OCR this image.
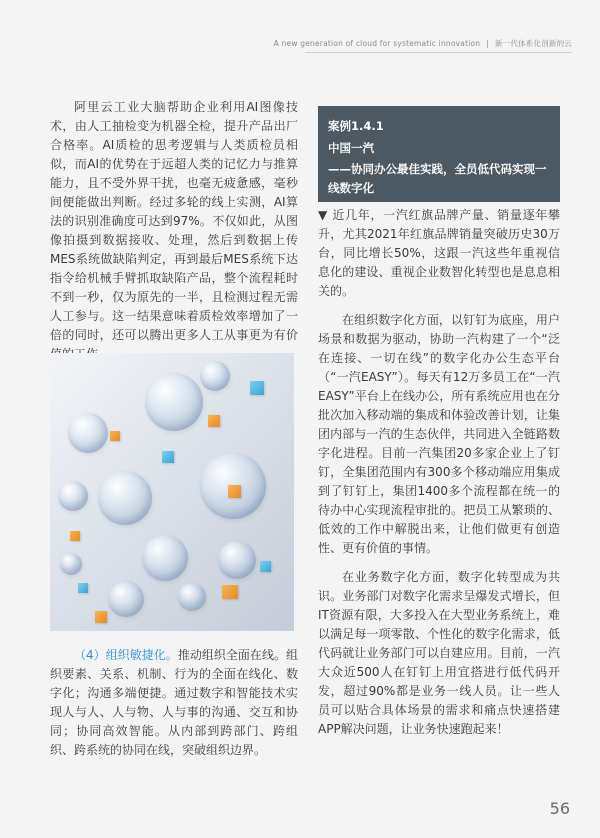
A new generation of cloud for systematic innovation | 新一代体系化创新的云

阿里云工业大脑帮助企业利用AI图像技术，由人工抽检变为机器全检，提升产品出厂合格率。AI质检的思考逻辑与人类质检员相似，而AI的优势在于远超人类的记忆力与推算能力，且不受外界干扰，也毫无疲惫感，毫秒间便能做出判断。经过多轮的线上实测，AI算法的识别准确度可达到97%。不仅如此，从图像拍摄到数据接收、处理，然后到数据上传MES系统做缺陷判定，再到最后MES系统下达指令给机械手臂抓取缺陷产品，整个流程耗时不到一秒，仅为原先的一半，且检测过程无需人工参与。这一结果意味着质检效率增加了一倍的同时，还可以腾出更多人工从事更为有价

（4）组织敏捷化。推动组织全面在线。组织要素、关系、机制、行为的全面在线化、数字化；沟通多端便捷。通过数字和智能技术实现人与人、人与物、人与事的沟通、交互和协同；协同高效智能。从内部到跨部门、跨组织、跨系统的协同在线，突破组织边界。

案例1.4.1
中国一汽
——协同办公最佳实践，全员低代码实现一线数字化

▼ 近几年，一汽红旗品牌产量、销量逐年攀升，尤其2021年红旗品牌销量突破历史30万台，同比增长50%，这跟一汽这些年重视信息化的建设、重视企业数智化转型也是息息相关的。

在组织数字化方面，以钉钉为底座，用户场景和数据为驱动，协助一汽构建了一个“泛在连接、一切在线”的数字化办公生态平台（“一汽EASY”）。每天有12万多员工在“一汽EASY”平台上在线办公，所有系统应用也在分批次加入移动端的集成和体验改善计划，让集团内部与一汽的生态伙伴，共同进入全链路数字化进程。目前一汽集团20多家企业上了钉钉，全集团范围内有300多个移动端应用集成到了钉钉上，集团1400多个流程都在统一的待办中心实现流程审批的。把员工从繁琐的、低效的工作中解脱出来，让他们做更有创造性、更有价值的事情。

在业务数字化方面，数字化转型成为共识。业务部门对数字化需求呈爆发式增长，但IT资源有限，大多投入在大型业务系统上，难以满足每一项零散、个性化的数字化需求，低代码就让业务部门可以自建应用。目前，一汽大众近500人在钉钉上用宜搭进行低代码开发，超过90%都是业务一线人员。让一些人员可以贴合具体场景的需求和痛点快速搭建APP解决问题，让业务快速跑起来！

56
